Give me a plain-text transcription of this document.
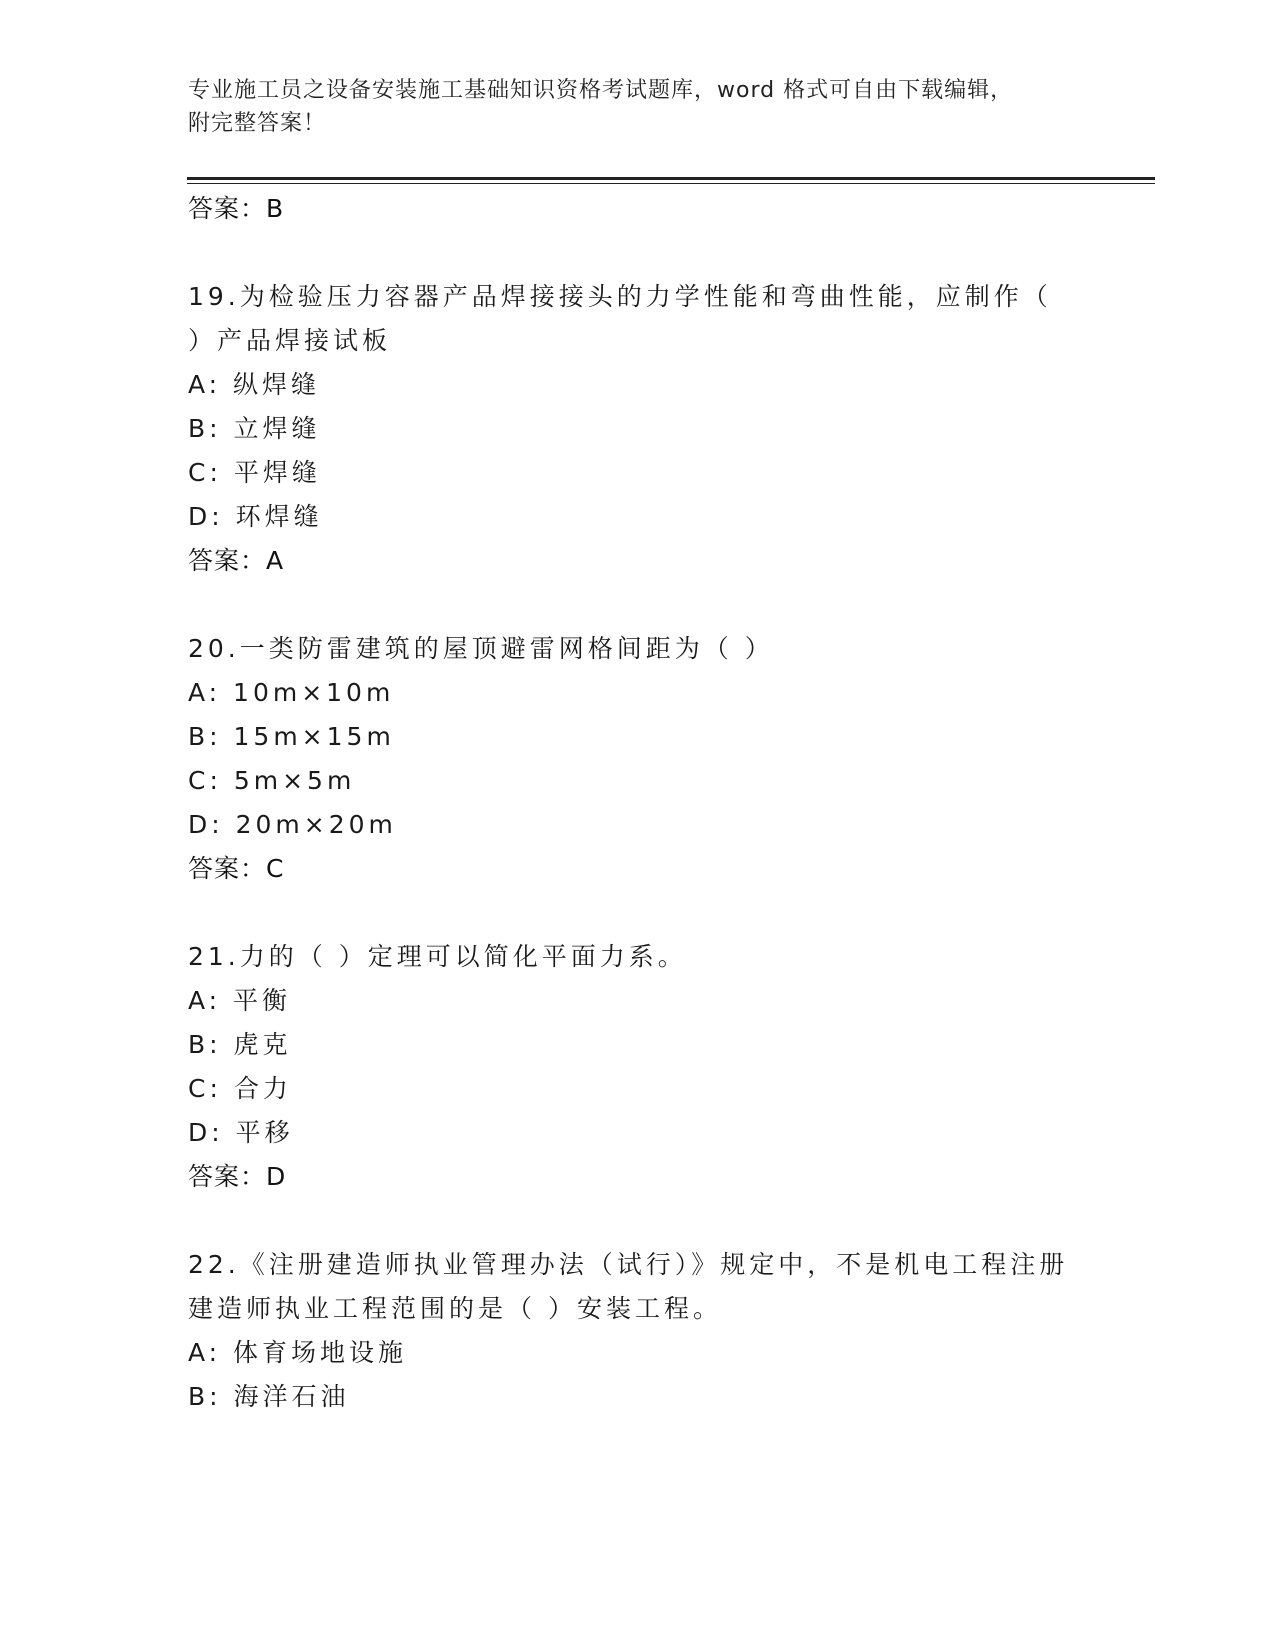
专业施工员之设备安装施工基础知识资格考试题库，word 格式可自由下载编辑，
附完整答案！
答案：B
19.为检验压力容器产品焊接接头的力学性能和弯曲性能，应制作（
）产品焊接试板
A: 纵焊缝
B: 立焊缝
C: 平焊缝
D: 环焊缝
答案：A
20.一类防雷建筑的屋顶避雷网格间距为（ ）
A: 10m×10m
B: 15m×15m
C: 5m×5m
D: 20m×20m
答案：C
21.力的（ ）定理可以简化平面力系。
A: 平衡
B: 虎克
C: 合力
D: 平移
答案：D
22.《注册建造师执业管理办法（试行）》规定中，不是机电工程注册
建造师执业工程范围的是（ ）安装工程。
A: 体育场地设施
B: 海洋石油
